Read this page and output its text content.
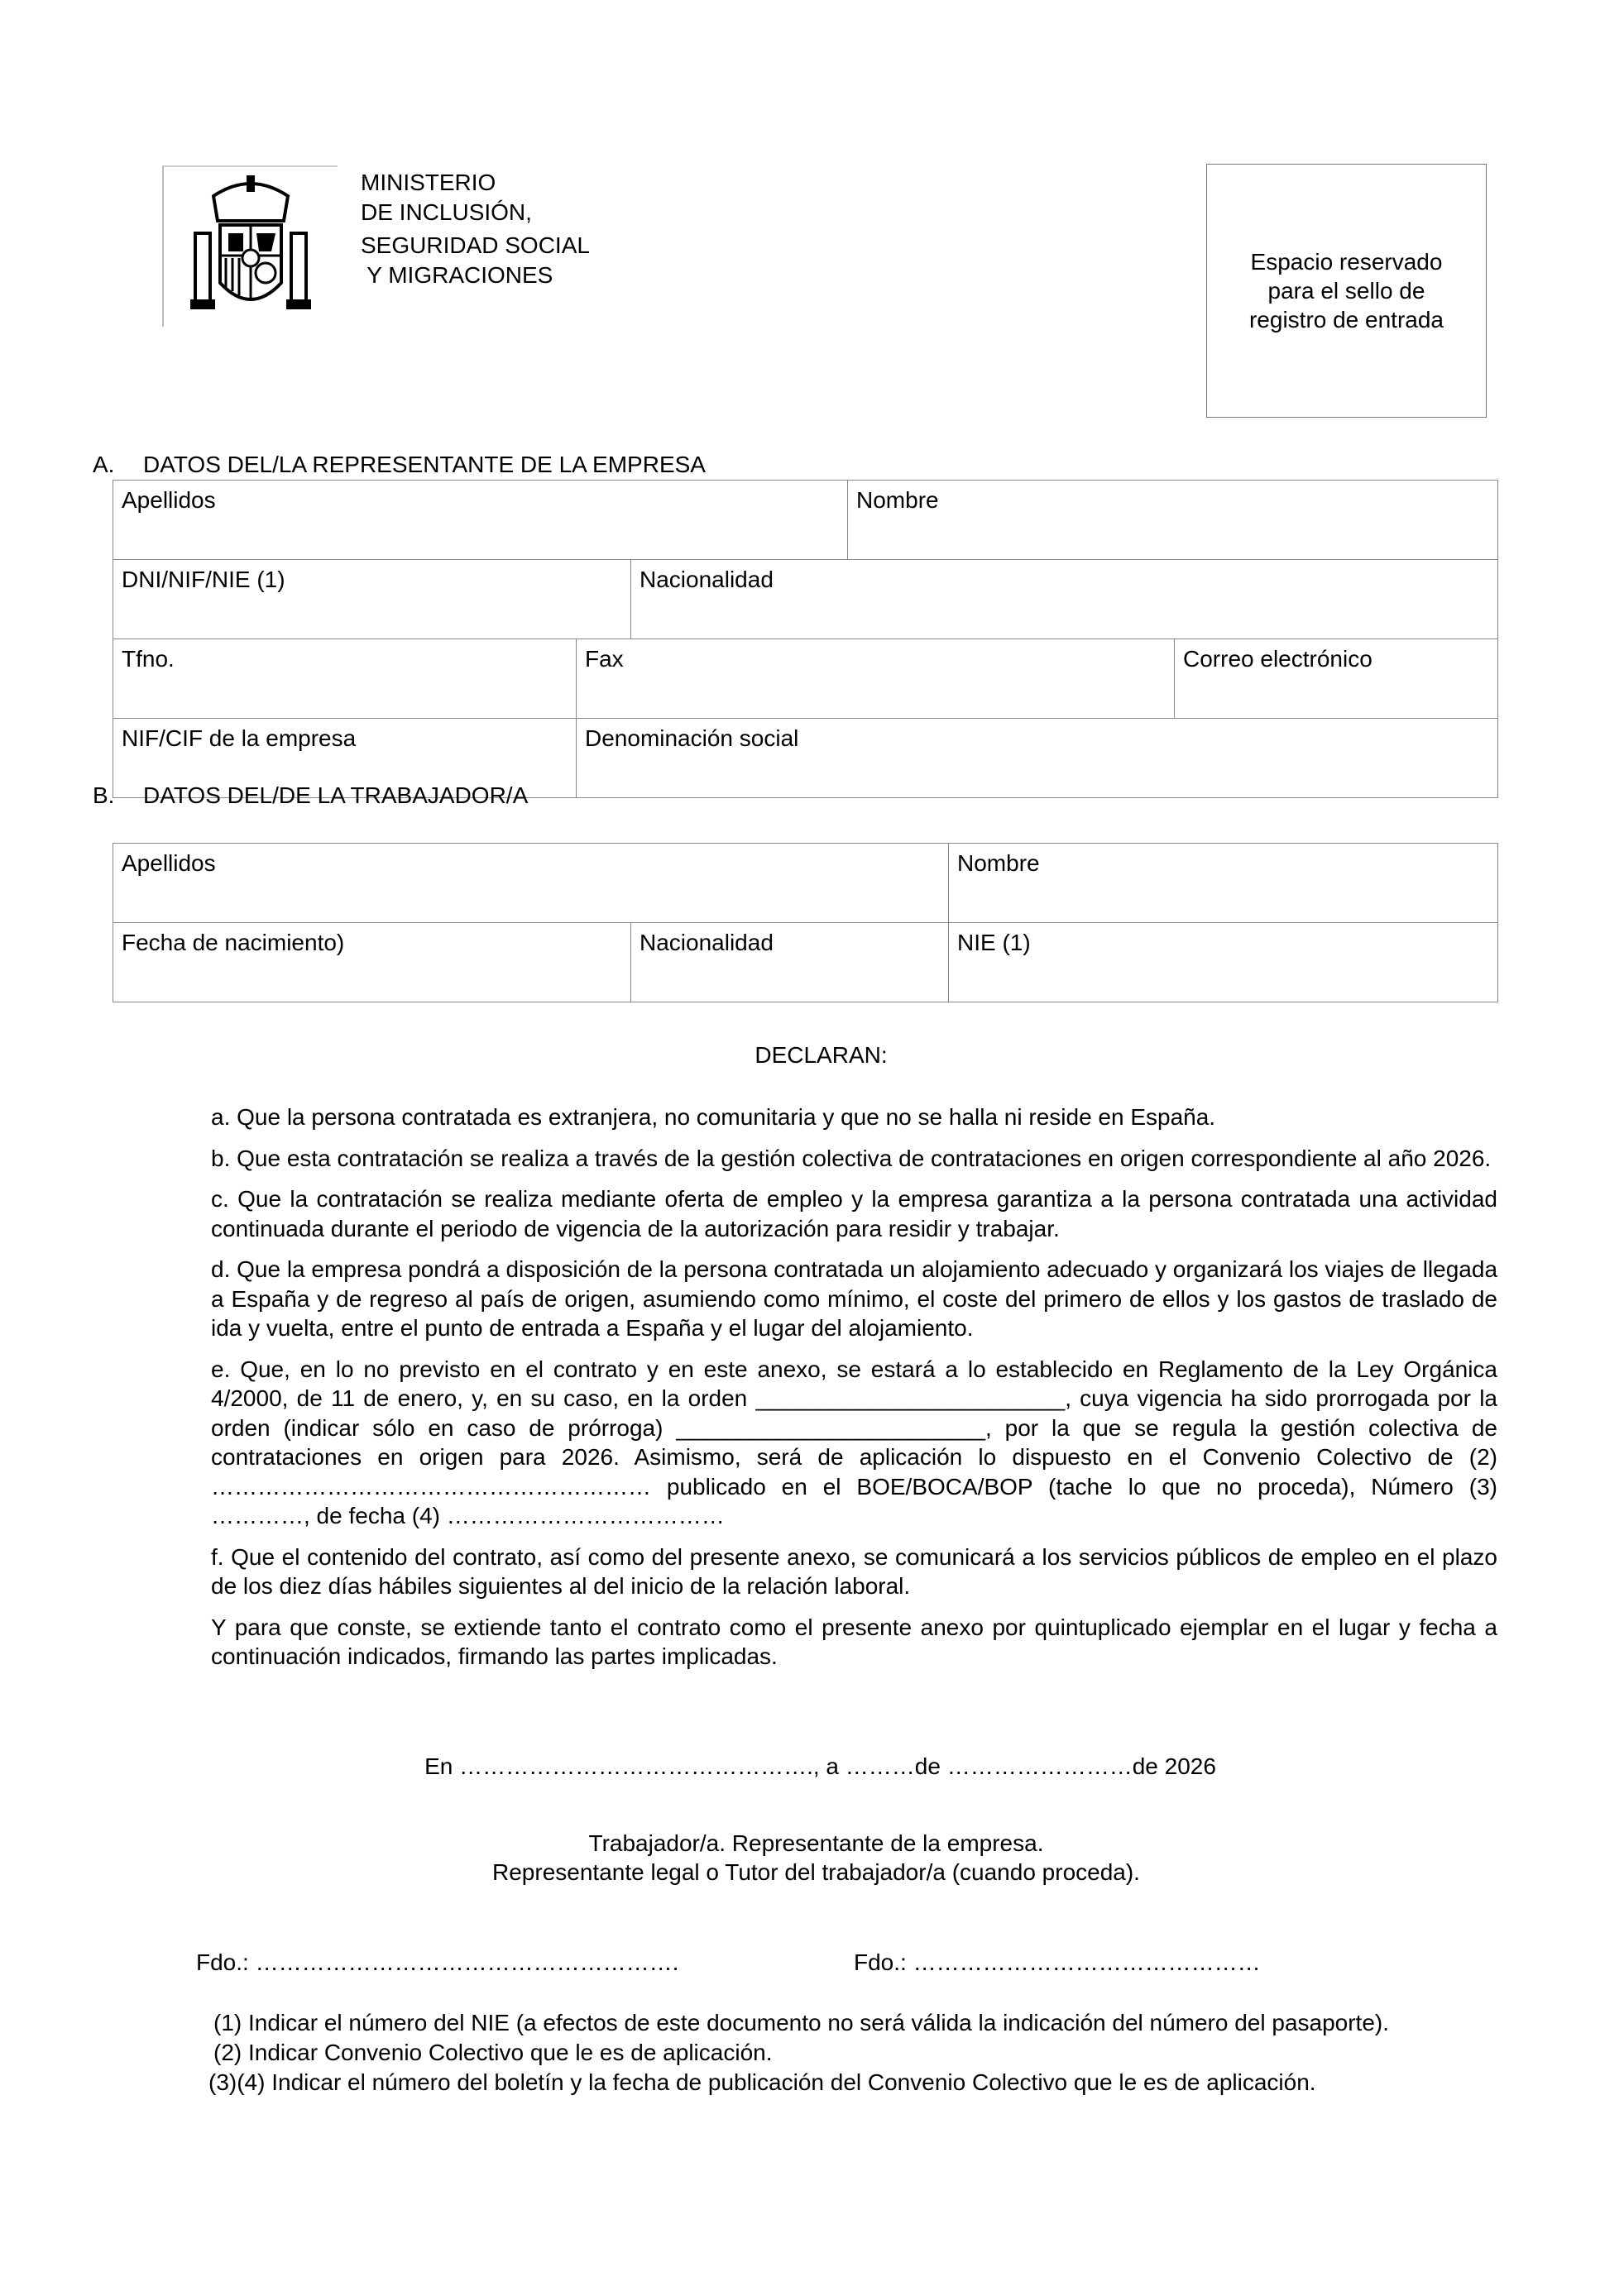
MINISTERIO
DE INCLUSIÓN,
SEGURIDAD SOCIAL
Y MIGRACIONES
Espacio reservado
para el sello de
registro de entrada
A. DATOS DEL/LA REPRESENTANTE DE LA EMPRESA
Apellidos			Nombre	
DNI/NIF/NIE (1)		Nacionalidad		
Tfno.	Fax			Correo electrónico
NIF/CIF de la empresa	Denominación social			
B. DATOS DEL/DE LA TRABAJADOR/A
Apellidos		Nombre
Fecha de nacimiento)	Nacionalidad	NIE (1)
DECLARAN:

a. Que la persona contratada es extranjera, no comunitaria y que no se halla ni reside en España.

b. Que esta contratación se realiza a través de la gestión colectiva de contrataciones en origen correspondiente al año 2026.

c. Que la contratación se realiza mediante oferta de empleo y la empresa garantiza a la persona contratada una actividad continuada durante el periodo de vigencia de la autorización para residir y trabajar.

d. Que la empresa pondrá a disposición de la persona contratada un alojamiento adecuado y organizará los viajes de llegada a España y de regreso al país de origen, asumiendo como mínimo, el coste del primero de ellos y los gastos de traslado de ida y vuelta, entre el punto de entrada a España y el lugar del alojamiento.

e. Que, en lo no previsto en el contrato y en este anexo, se estará a lo establecido en Reglamento de la Ley Orgánica 4/2000, de 11 de enero, y, en su caso, en la orden ________________________, cuya vigencia ha sido prorrogada por la orden (indicar sólo en caso de prórroga) ________________________, por la que se regula la gestión colectiva de contrataciones en origen para 2026. Asimismo, será de aplicación lo dispuesto en el Convenio Colectivo de (2) ………………………………………………… publicado en el BOE/BOCA/BOP (tache lo que no proceda), Número (3) …………, de fecha (4) ………………………………

f. Que el contenido del contrato, así como del presente anexo, se comunicará a los servicios públicos de empleo en el plazo de los diez días hábiles siguientes al del inicio de la relación laboral.

Y para que conste, se extiende tanto el contrato como el presente anexo por quintuplicado ejemplar en el lugar y fecha a continuación indicados, firmando las partes implicadas.

En ………………………………………., a ………de ……………………de 2026
Trabajador/a. Representante de la empresa.
Representante legal o Tutor del trabajador/a (cuando proceda).
Fdo.: ……………………………………………….	Fdo.: ………………………………………
(1) Indicar el número del NIE (a efectos de este documento no será válida la indicación del número del pasaporte).
(2) Indicar Convenio Colectivo que le es de aplicación.
(3)(4) Indicar el número del boletín y la fecha de publicación del Convenio Colectivo que le es de aplicación.
